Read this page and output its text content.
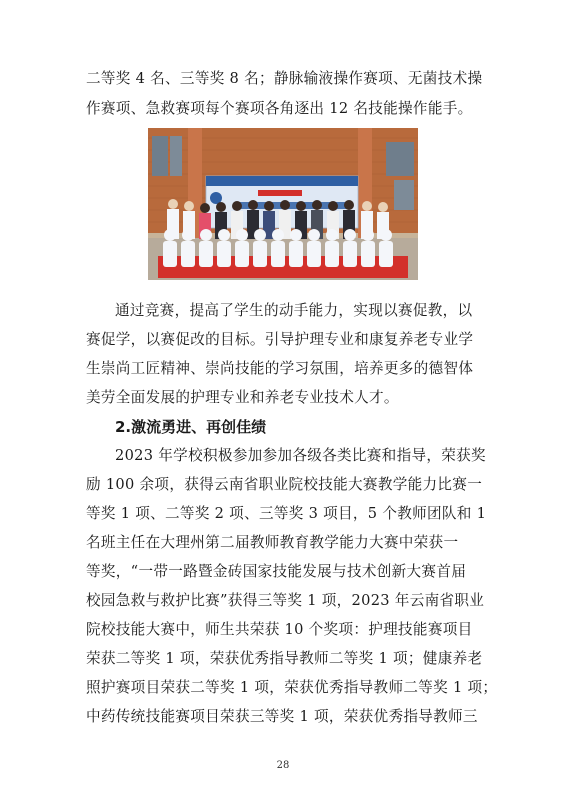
二等奖 4 名、三等奖 8 名；静脉输液操作赛项、无菌技术操
作赛项、急救赛项每个赛项各角逐出 12 名技能操作能手。
通过竞赛，提高了学生的动手能力，实现以赛促教，以
赛促学，以赛促改的目标。引导护理专业和康复养老专业学
生崇尚工匠精神、崇尚技能的学习氛围，培养更多的德智体
美劳全面发展的护理专业和养老专业技术人才。
2.激流勇进、再创佳绩
2023 年学校积极参加参加各级各类比赛和指导，荣获奖
励 100 余项，获得云南省职业院校技能大赛教学能力比赛一
等奖 1 项、二等奖 2 项、三等奖 3 项目，5 个教师团队和 1
名班主任在大理州第二届教师教育教学能力大赛中荣获一
等奖，“一带一路暨金砖国家技能发展与技术创新大赛首届
校园急救与救护比赛”获得三等奖 1 项，2023 年云南省职业
院校技能大赛中，师生共荣获 10 个奖项：护理技能赛项目
荣获二等奖 1 项，荣获优秀指导教师二等奖 1 项；健康养老
照护赛项目荣获二等奖 1 项，荣获优秀指导教师二等奖 1 项；
中药传统技能赛项目荣获三等奖 1 项，荣获优秀指导教师三
28
